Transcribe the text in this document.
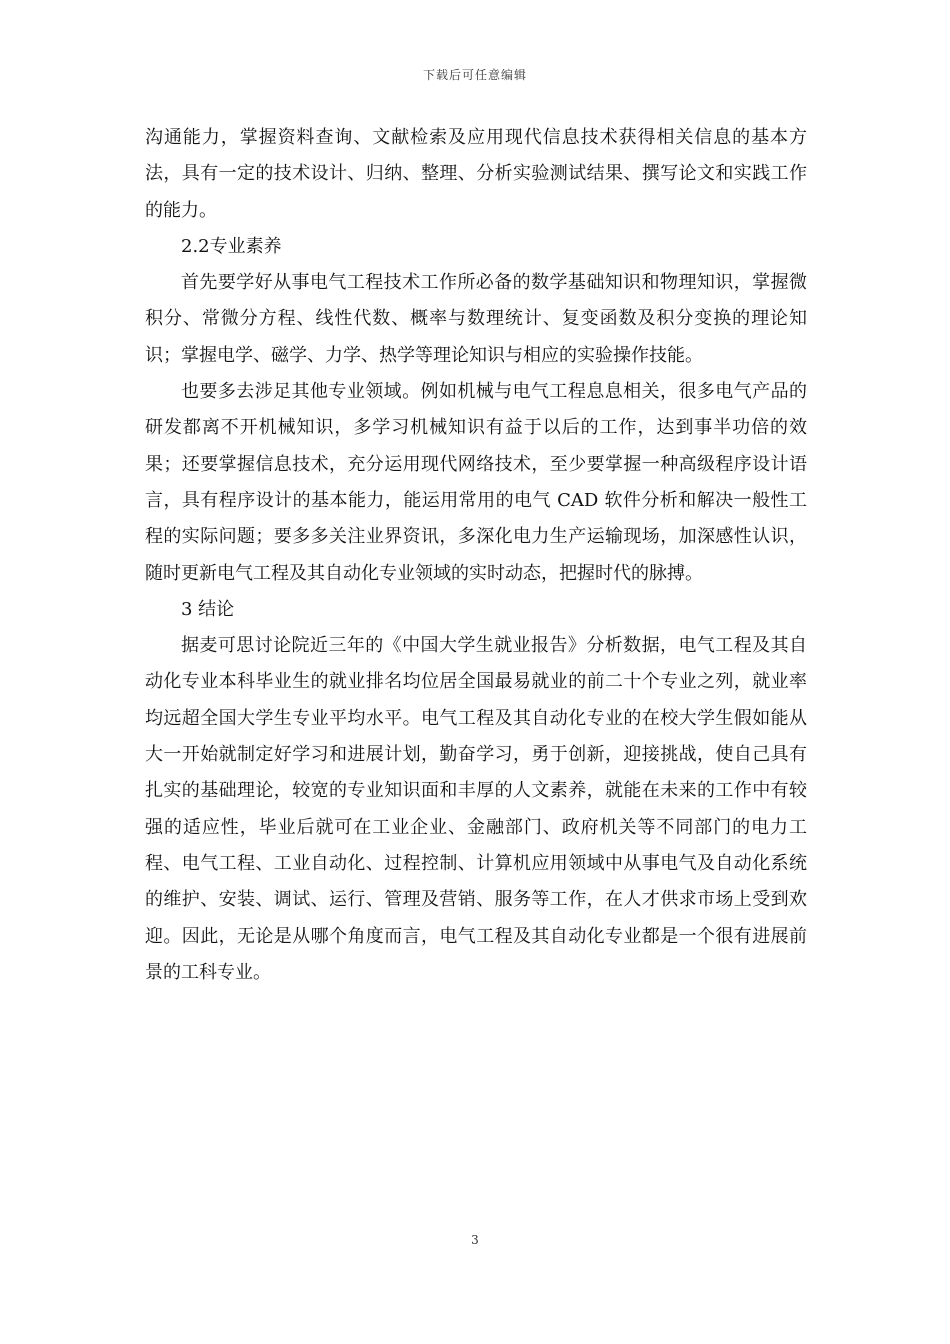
下载后可任意编辑

沟通能力，掌握资料查询、文献检索及应用现代信息技术获得相关信息的基本方法，具有一定的技术设计、归纳、整理、分析实验测试结果、撰写论文和实践工作的能力。

2.2专业素养

首先要学好从事电气工程技术工作所必备的数学基础知识和物理知识，掌握微积分、常微分方程、线性代数、概率与数理统计、复变函数及积分变换的理论知识；掌握电学、磁学、力学、热学等理论知识与相应的实验操作技能。

也要多去涉足其他专业领域。例如机械与电气工程息息相关，很多电气产品的研发都离不开机械知识，多学习机械知识有益于以后的工作，达到事半功倍的效果；还要掌握信息技术，充分运用现代网络技术，至少要掌握一种高级程序设计语言，具有程序设计的基本能力，能运用常用的电气 CAD 软件分析和解决一般性工程的实际问题；要多多关注业界资讯，多深化电力生产运输现场，加深感性认识，随时更新电气工程及其自动化专业领域的实时动态，把握时代的脉搏。

3 结论

据麦可思讨论院近三年的《中国大学生就业报告》分析数据，电气工程及其自动化专业本科毕业生的就业排名均位居全国最易就业的前二十个专业之列，就业率均远超全国大学生专业平均水平。电气工程及其自动化专业的在校大学生假如能从大一开始就制定好学习和进展计划，勤奋学习，勇于创新，迎接挑战，使自己具有扎实的基础理论，较宽的专业知识面和丰厚的人文素养，就能在未来的工作中有较强的适应性，毕业后就可在工业企业、金融部门、政府机关等不同部门的电力工程、电气工程、工业自动化、过程控制、计算机应用领域中从事电气及自动化系统的维护、安装、调试、运行、管理及营销、服务等工作，在人才供求市场上受到欢迎。因此，无论是从哪个角度而言，电气工程及其自动化专业都是一个很有进展前景的工科专业。

3
